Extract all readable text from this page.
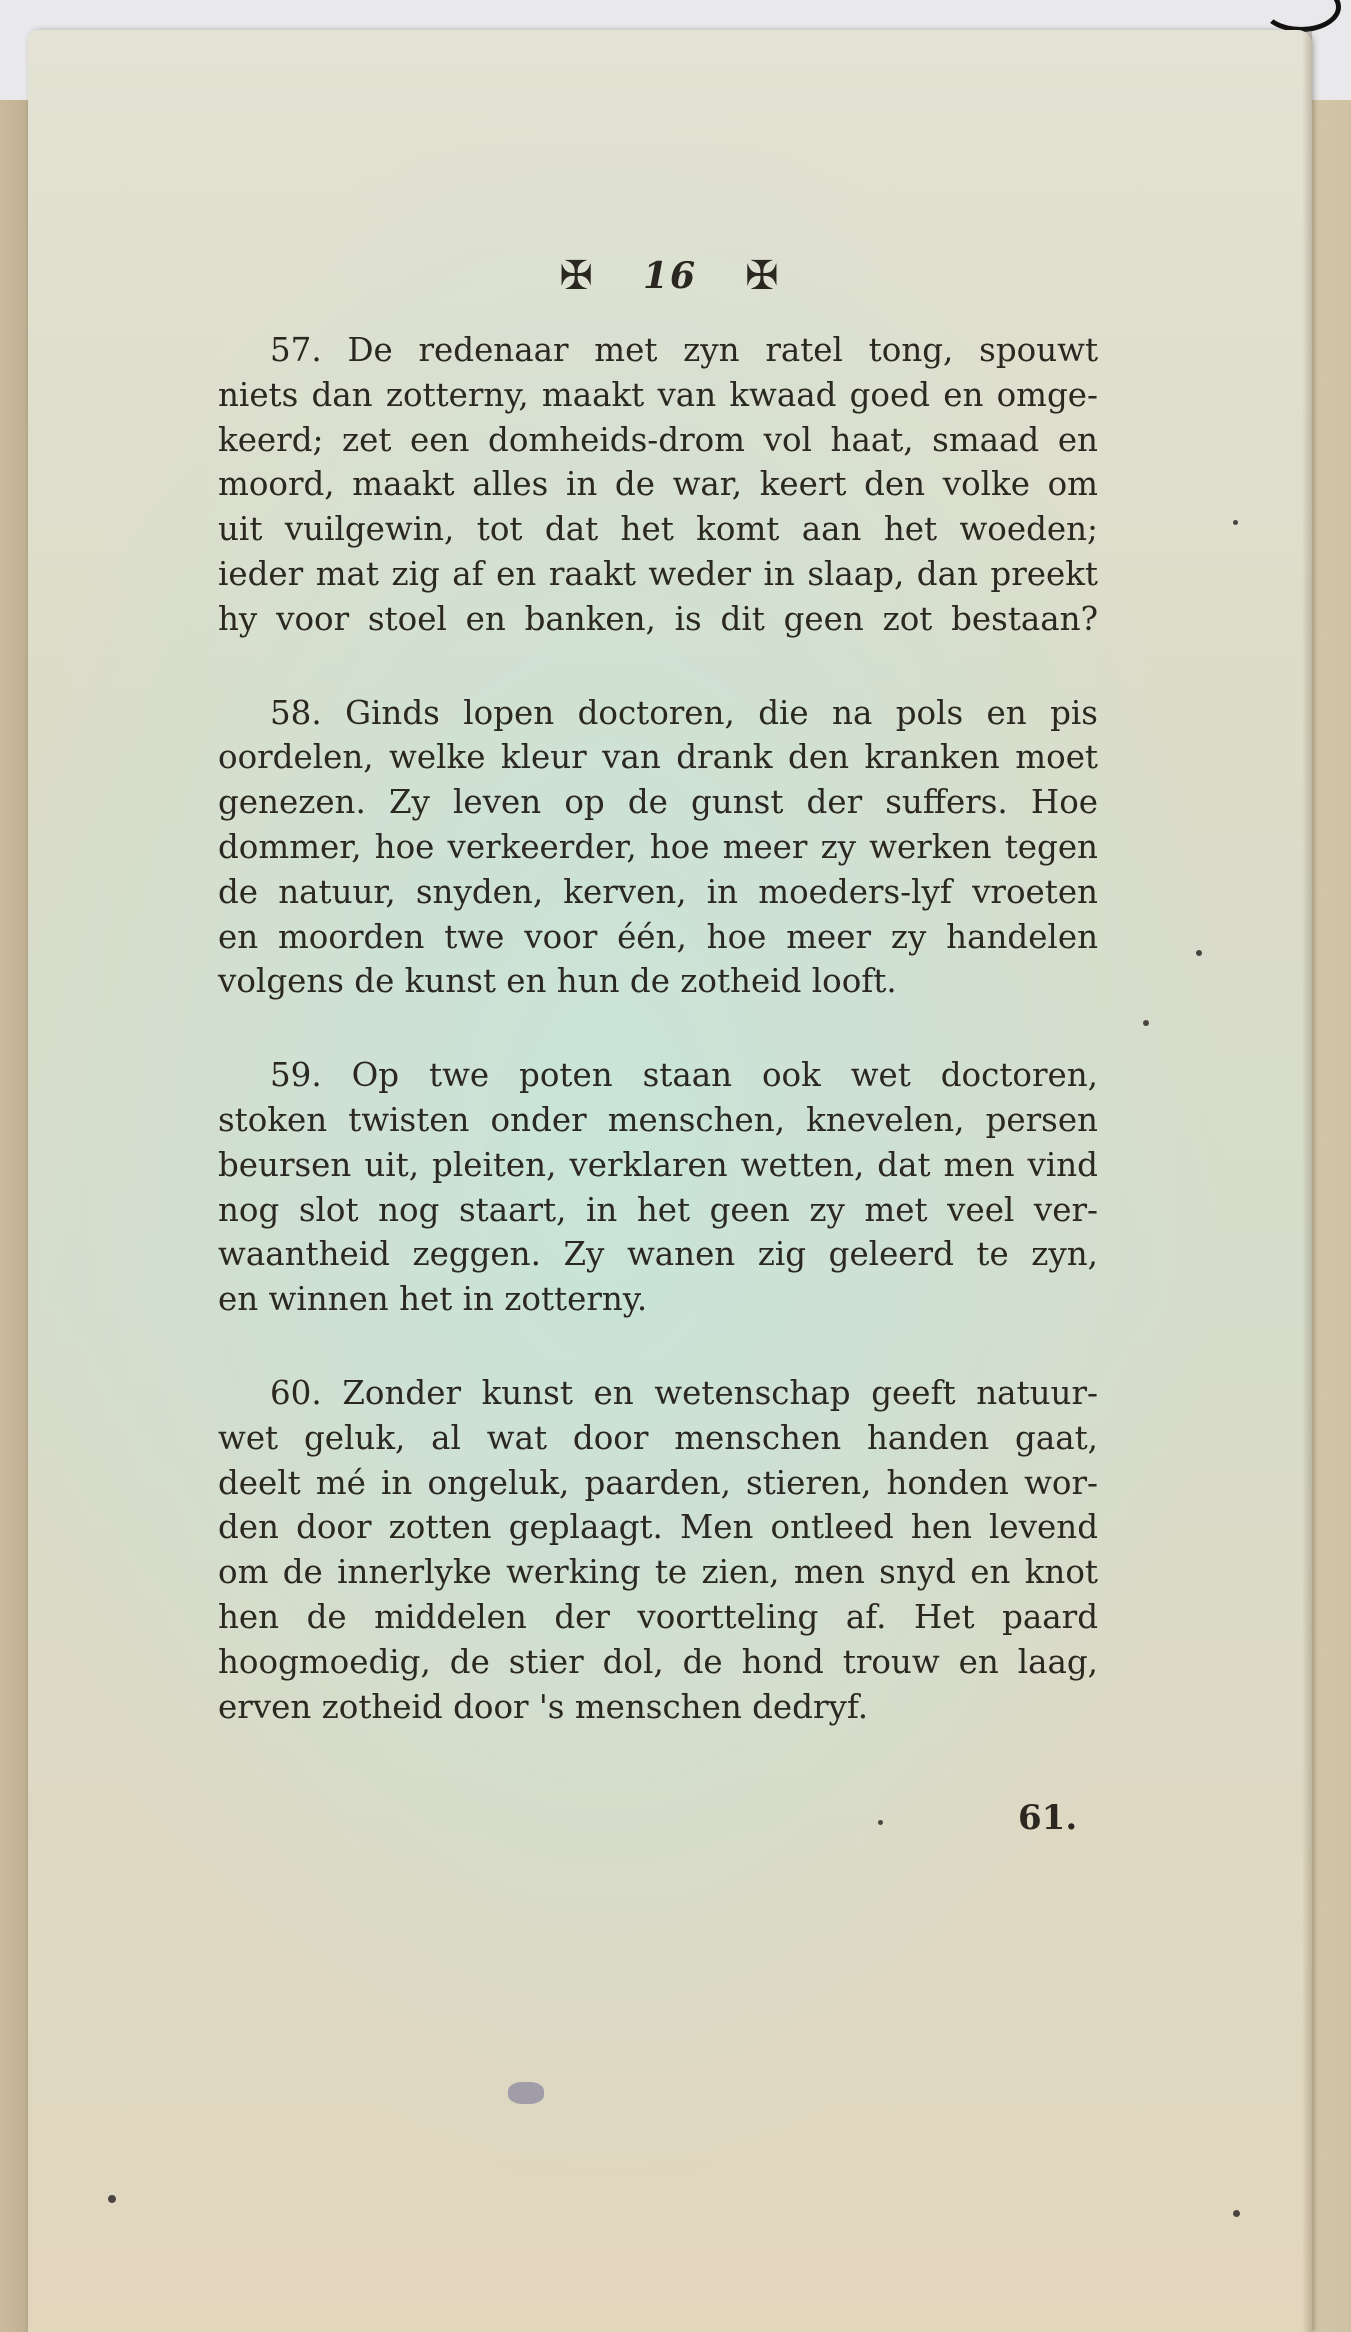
✠ 16 ✠
57. De redenaar met zyn ratel tong, spouwt
niets dan zotterny, maakt van kwaad goed en omge-
keerd; zet een domheids-drom vol haat, smaad en
moord, maakt alles in de war, keert den volke om
uit vuilgewin, tot dat het komt aan het woeden;
ieder mat zig af en raakt weder in slaap, dan preekt
hy voor stoel en banken, is dit geen zot bestaan?
58. Ginds lopen doctoren, die na pols en pis
oordelen, welke kleur van drank den kranken moet
genezen. Zy leven op de gunst der suffers. Hoe
dommer, hoe verkeerder, hoe meer zy werken tegen
de natuur, snyden, kerven, in moeders-lyf vroeten
en moorden twe voor één, hoe meer zy handelen
volgens de kunst en hun de zotheid looft.
59. Op twe poten staan ook wet doctoren,
stoken twisten onder menschen, knevelen, persen
beursen uit, pleiten, verklaren wetten, dat men vind
nog slot nog staart, in het geen zy met veel ver-
waantheid zeggen. Zy wanen zig geleerd te zyn,
en winnen het in zotterny.
60. Zonder kunst en wetenschap geeft natuur-
wet geluk, al wat door menschen handen gaat,
deelt mé in ongeluk, paarden, stieren, honden wor-
den door zotten geplaagt. Men ontleed hen levend
om de innerlyke werking te zien, men snyd en knot
hen de middelen der voortteling af. Het paard
hoogmoedig, de stier dol, de hond trouw en laag,
erven zotheid door 's menschen dedryf.
61.
